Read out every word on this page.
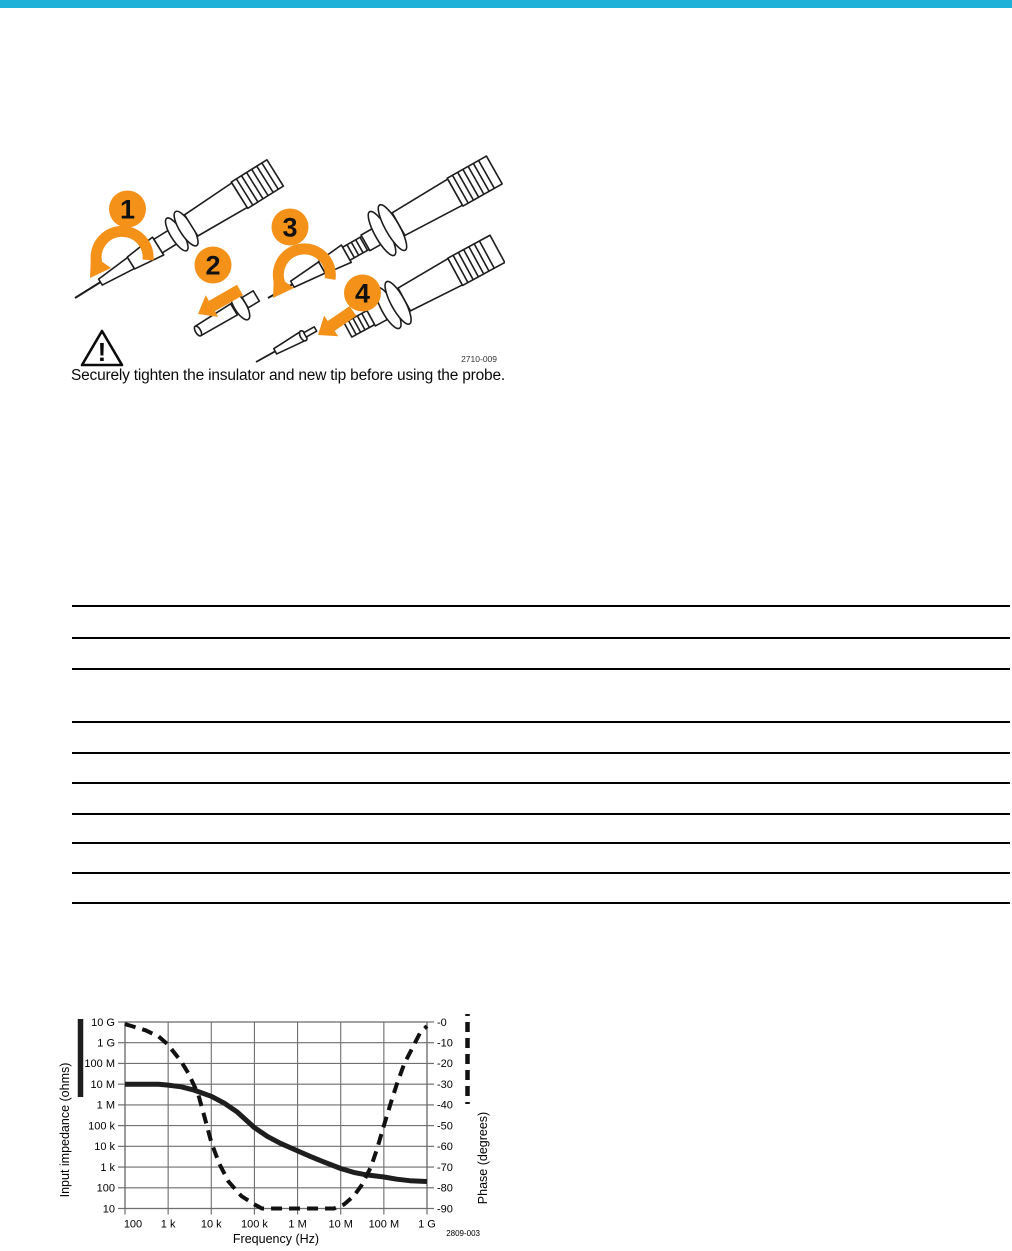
1
2
3
4
!	2710-009
Securely tighten the insulator and new tip before using the probe.
10 G	-0
1 G	-10
100 M	-20
10 M	-30
1 M	-40
100 k	-50
10 k	-60
1 k	-70
100	-80
10	-90
100 1 k 10 k 100 k 1 M 10 M 100 M 1 G
Input impedance (ohms)	Phase (degrees)
Frequency (Hz)	2809-003
